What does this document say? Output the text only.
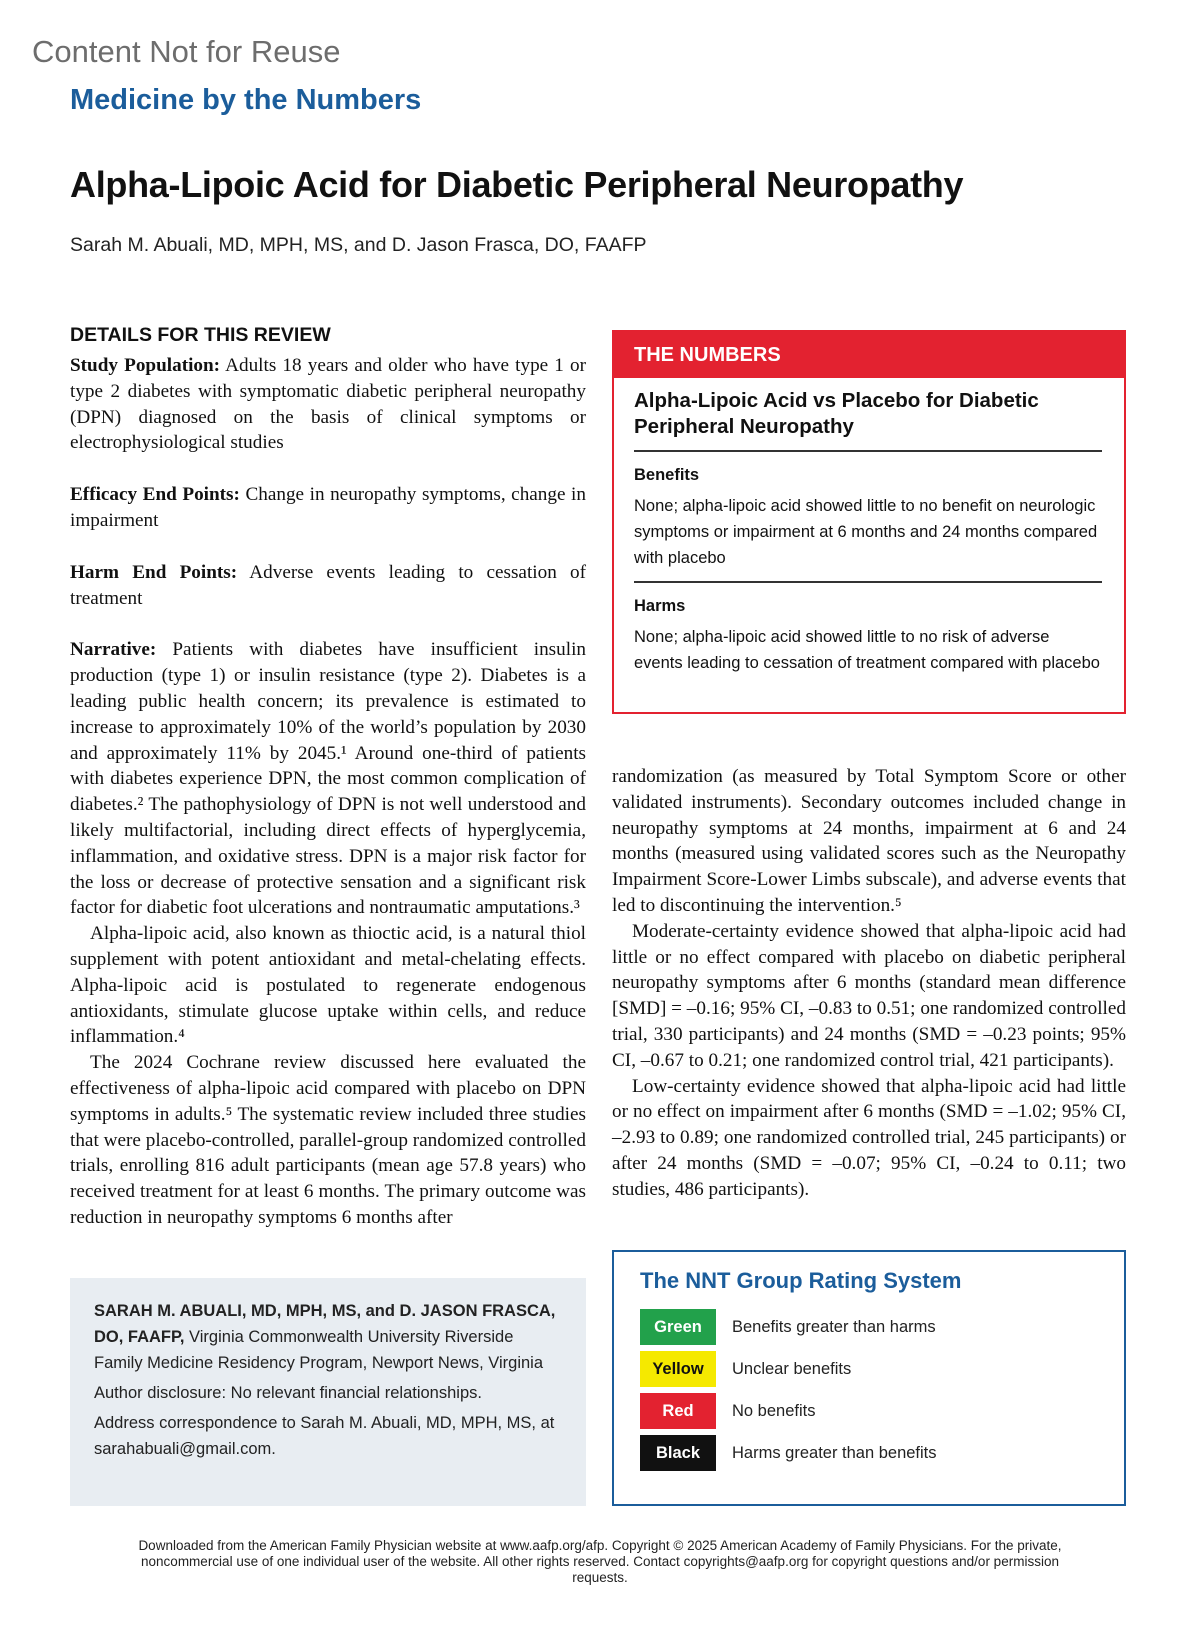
Content Not for Reuse
Medicine by the Numbers
Alpha-Lipoic Acid for Diabetic Peripheral Neuropathy
Sarah M. Abuali, MD, MPH, MS, and D. Jason Frasca, DO, FAAFP
DETAILS FOR THIS REVIEW

Study Population: Adults 18 years and older who have type 1 or type 2 diabetes with symptomatic diabetic peripheral neuropathy (DPN) diagnosed on the basis of clinical symptoms or electrophysiological studies

Efficacy End Points: Change in neuropathy symptoms, change in impairment

Harm End Points: Adverse events leading to cessation of treatment

Narrative: Patients with diabetes have insufficient insulin production (type 1) or insulin resistance (type 2). Diabetes is a leading public health concern; its prevalence is estimated to increase to approximately 10% of the world’s population by 2030 and approximately 11% by 2045.¹ Around one-third of patients with diabetes experience DPN, the most common complication of diabetes.² The pathophysiology of DPN is not well understood and likely multifactorial, including direct effects of hyperglycemia, inflammation, and oxidative stress. DPN is a major risk factor for the loss or decrease of protective sensation and a significant risk factor for diabetic foot ulcerations and nontraumatic amputations.³

Alpha-lipoic acid, also known as thioctic acid, is a natural thiol supplement with potent antioxidant and metal-chelating effects. Alpha-lipoic acid is postulated to regenerate endogenous antioxidants, stimulate glucose uptake within cells, and reduce inflammation.⁴

The 2024 Cochrane review discussed here evaluated the effectiveness of alpha-lipoic acid compared with placebo on DPN symptoms in adults.⁵ The systematic review included three studies that were placebo-controlled, parallel-group randomized controlled trials, enrolling 816 adult participants (mean age 57.8 years) who received treatment for at least 6 months. The primary outcome was reduction in neuropathy symptoms 6 months after

THE NUMBERS
Alpha-Lipoic Acid vs Placebo for Diabetic Peripheral Neuropathy
Benefits
None; alpha-lipoic acid showed little to no benefit on neurologic symptoms or impairment at 6 months and 24 months compared with placebo
Harms
None; alpha-lipoic acid showed little to no risk of adverse events leading to cessation of treatment compared with placebo

randomization (as measured by Total Symptom Score or other validated instruments). Secondary outcomes included change in neuropathy symptoms at 24 months, impairment at 6 and 24 months (measured using validated scores such as the Neuropathy Impairment Score-Lower Limbs subscale), and adverse events that led to discontinuing the intervention.⁵

Moderate-certainty evidence showed that alpha-lipoic acid had little or no effect compared with placebo on diabetic peripheral neuropathy symptoms after 6 months (standard mean difference [SMD] = –0.16; 95% CI, –0.83 to 0.51; one randomized controlled trial, 330 participants) and 24 months (SMD = –0.23 points; 95% CI, –0.67 to 0.21; one randomized control trial, 421 participants).

Low-certainty evidence showed that alpha-lipoic acid had little or no effect on impairment after 6 months (SMD = –1.02; 95% CI, –2.93 to 0.89; one randomized controlled trial, 245 participants) or after 24 months (SMD = –0.07; 95% CI, –0.24 to 0.11; two studies, 486 participants).

SARAH M. ABUALI, MD, MPH, MS, and D. JASON FRASCA, DO, FAAFP, Virginia Commonwealth University Riverside Family Medicine Residency Program, Newport News, Virginia

Author disclosure: No relevant financial relationships.

Address correspondence to Sarah M. Abuali, MD, MPH, MS, at sarahabuali@gmail.com.

The NNT Group Rating System
Green	Benefits greater than harms
Yellow	Unclear benefits
Red	No benefits
Black	Harms greater than benefits
Downloaded from the American Family Physician website at www.aafp.org/afp. Copyright © 2025 American Academy of Family Physicians. For the private, noncommercial use of one individual user of the website. All other rights reserved. Contact copyrights@aafp.org for copyright questions and/or permission requests.
